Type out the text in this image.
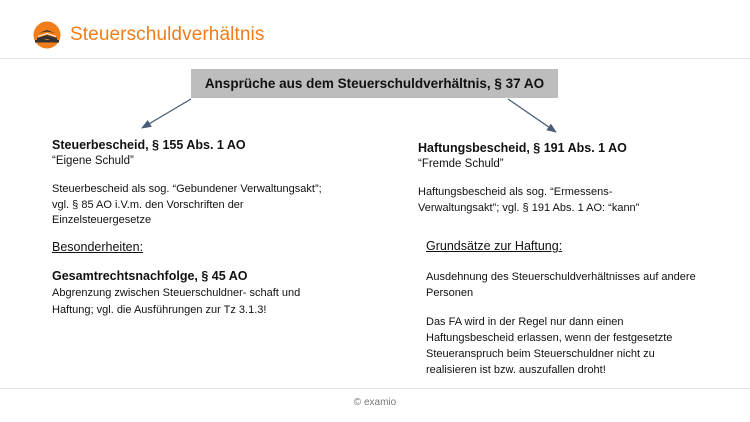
Steuerschuldverhältnis
Ansprüche aus dem Steuerschuldverhältnis, § 37 AO
Steuerbescheid, § 155 Abs. 1 AO
“Eigene Schuld”
Steuerbescheid als sog. “Gebundener Verwaltungsakt”;
vgl. § 85 AO i.V.m. den Vorschriften der
Einzelsteuergesetze
Besonderheiten:
Gesamtrechtsnachfolge, § 45 AO
Abgrenzung zwischen Steuerschuldner- schaft und
Haftung; vgl. die Ausführungen zur Tz 3.1.3!
Haftungsbescheid, § 191 Abs. 1 AO
“Fremde Schuld”
Haftungsbescheid als sog. “Ermessens-
Verwaltungsakt”; vgl. § 191 Abs. 1 AO: “kann”
Grundsätze zur Haftung:
Ausdehnung des Steuerschuldverhältnisses auf andere
Personen
Das FA wird in der Regel nur dann einen
Haftungsbescheid erlassen, wenn der festgesetzte
Steueranspruch beim Steuerschuldner nicht zu
realisieren ist bzw. auszufallen droht!
© examio
